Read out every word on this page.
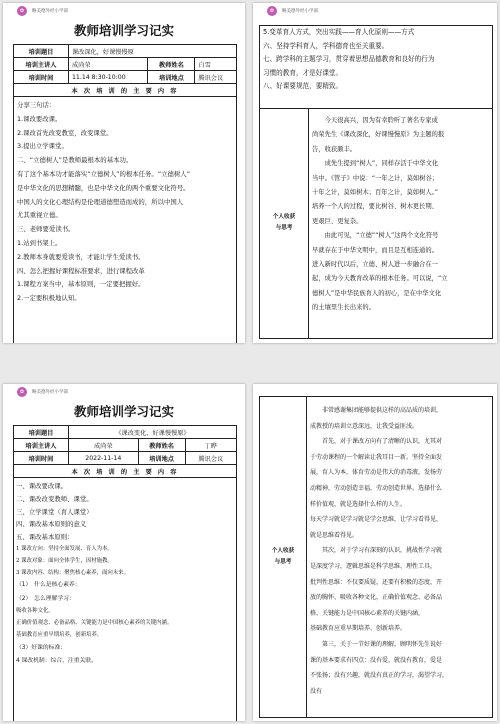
✿	略美德外经小学部
教师培训学习记实
培训题目	课改深化，好课慢慢原		
培训主讲人	成尚荣	教师姓名	白雪
培训时间	11.14 8:30-10:00	培训地点	腾讯会议
本 次 培 训 的 主 要 内 容			
分享三句话：
1.课改要改课。
2.课改首先改变教室，改变课堂。
3.提出立学课堂。
二、“立德树人”是教师最根本的基本功。
有了这个基本功才能落实“立德树人”的根本任务。“立德树人”
是中华文化的思想精髓，也是中华文化的两个重要文化符号。
中国人的文化心理结构是伦理道德塑造而成的，所以中国人
尤其重视立德。
三、老师要爱读书。
1.站到书架上。
2.教师本身就要爱读书，才能让学生爱读书。
四、怎么把握好课程标准要求，进行课程改革
1.课程方案当中，基本原则，一定要把握好。
2.一定要积极地认知。
✿	略美德外经小学部
5.变革育人方式，突出实践——育人化原则——方式
六、坚持学科育人，学科德育也至关重要。
七、跨学科的主题学习，贯穿着思想品德教育和良好的行为
习惯的教育，才是好课堂。
八、好课要规范，要精致。
个人收获
与思考
　　今天很高兴，因为有幸聆听了著名专家成
尚荣先生《课改深化，好课慢慢原》为主题的报
告，收获颇丰。
　　成先生提到“树人”，同样存活于中华文化
当中。《管子》中说：“一年之计，莫如树谷；
十年之计，莫如树木；百年之计，莫如树人。”
培养一个人的过程，要比树谷、树木更长期、
更艰巨、更复杂。
　　由此可见，“立德”“树人”这两个文化符号
早就存在于中华文明中，而且是互相连通的。
进入新时代以后，立德、树人进一步融合在一
起，成为今天教育改革的根本任务。可以说，“立
德树人”是中华民族育人的初心，是在中华文化
的土壤里生长出来的。
✿	略美德外经小学部
教师培训学习记实
培训题目	《课改变化，好课慢慢原》		
培训主讲人	成尚荣	教师姓名	丁晔
培训时间	2022-11-14	培训地点	腾讯会议
本 次 培 训 的 主 要 内 容			
一、课改要改课。
二、课改改变教师、课堂。
三、立学课堂（育人课堂）
四、课改基本原则的意义
五、课改基本原则：
1 课改方向：坚持全面发展、育人为本。
2 课改对象：面向全体学生，因材施教。
3 课改内容、结构：聚焦核心素养，面向未来。
（1）　什么是核心素养：
（2）　怎么理解学习：
吸收各种文化。
正确价值观念、必备品格、关键能力是中国核心素养的关键内涵。
基础教育应重早期培养，创新培养。
（3）好课的标准：
4 课改机制：综合，注重关联。
个人收获
与思考
　　非常感谢集团能够提供这样的高品质的培训，
成教授的培训立意深远，让我受益匪浅。
　　首先，对于课改方向有了清晰的认识，尤其对
于劳动课程的一个解读让我耳目一新。坚持全面发
展，育人为本，体育劳动是伟大的消毒液，发扬劳
动精神，劳动创造幸福，劳动创造世界。选择什么
样价值观，就是选择什么样的人生。
每天学习就是学习就是学会思维，让学习看得见，
就是思维看得见。
　　其次，对于学习有深刻的认识，挑战性学习就
是深度学习，逻辑思维是科学思维、理性工具，
批判性思维：不仅要质疑，还要有积极的态度，开
放的胸怀、吸收各种文化，正确价值观念、必备品
格、关键能力是中国核心素养的关键内涵，
基础教育应重早期培养、创新培养。
　　第三，关于一节好课的理解，顾明怀先生说好
课的基本要求有四点：没有爱，就没有教育，爱是
不张扬；没有兴趣，就没有真正的学习，渴望学习，
没有
